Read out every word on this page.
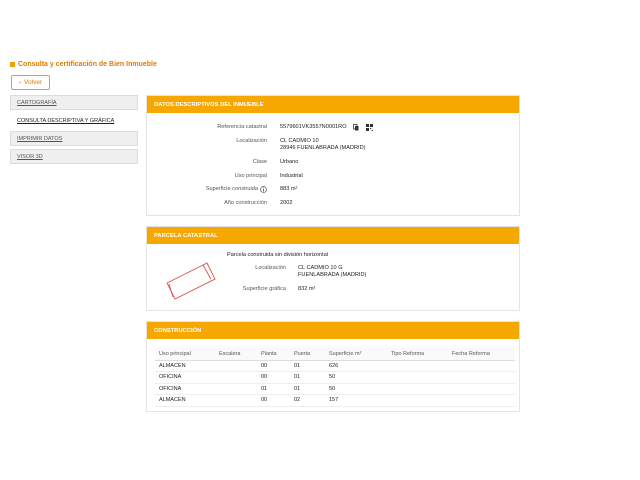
Consulta y certificación de Bien Inmueble
‹ Volver
CARTOGRAFÍA
CONSULTA DESCRIPTIVA Y GRÁFICA
IMPRIMIR DATOS
VISOR 3D
DATOS DESCRIPTIVOS DEL INMUEBLE
Referencia catastral 5579601VK3557N0001RO
Localización CL CADMIO 10
28946 FUENLABRADA (MADRID)
Clase Urbano
Uso principal Industrial
Superficie construida	883 m²
Año construcción 2002
PARCELA CATASTRAL
Parcela construida sin división horizontal
Localización CL CADMIO 10 G
FUENLABRADA (MADRID)
Superficie gráfica 832 m²
CONSTRUCCIÓN
Uso principal	Escalera	Planta	Puerta	Superficie m²	Tipo Reforma	Fecha Reforma
ALMACEN		00	01	626		
OFICINA		00	01	50		
OFICINA		01	01	50		
ALMACEN		00	02	157		
